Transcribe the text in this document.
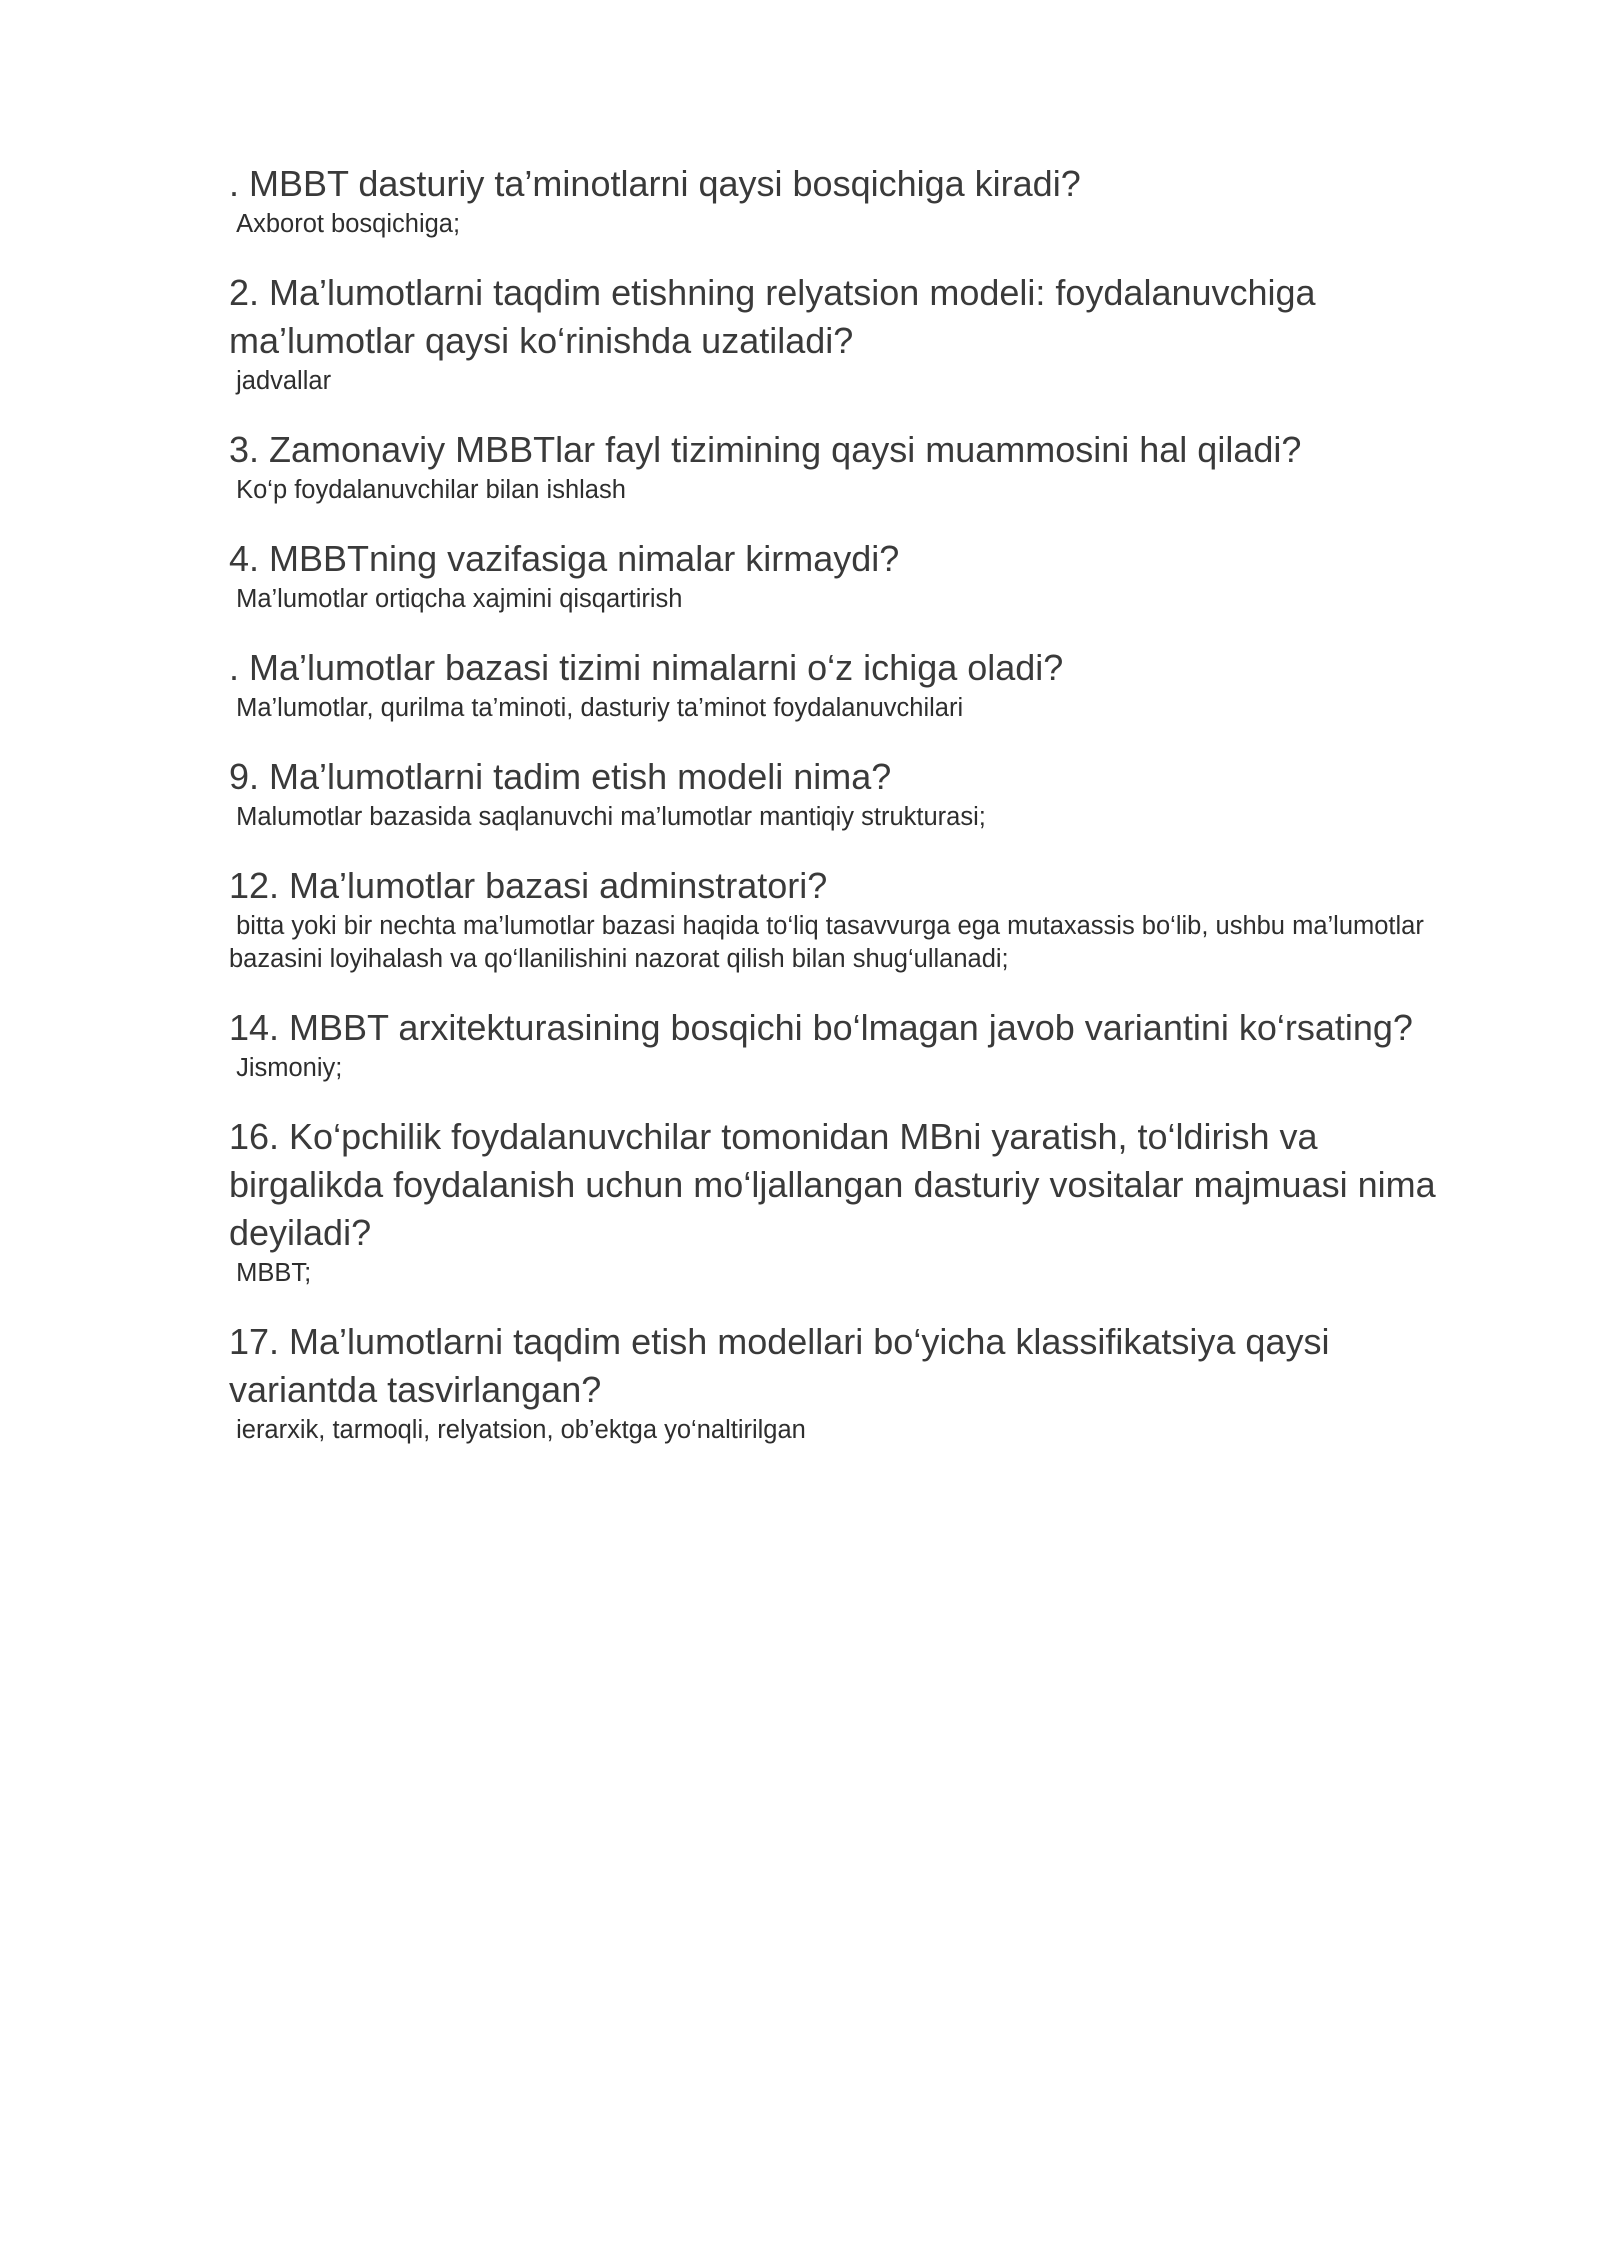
. MBBT dasturiy ta’minotlarni qaysi bosqichiga kiradi?

Axborot bosqichiga;

2. Ma’lumotlarni taqdim etishning relyatsion modeli: foydalanuvchiga ma’lumotlar qaysi ko‘rinishda uzatiladi?

jadvallar

3. Zamonaviy MBBTlar fayl tizimining qaysi muammosini hal qiladi?

Ko‘p foydalanuvchilar bilan ishlash

4. MBBTning vazifasiga nimalar kirmaydi?

Ma’lumotlar ortiqcha xajmini qisqartirish

. Ma’lumotlar bazasi tizimi nimalarni o‘z ichiga oladi?

Ma’lumotlar, qurilma ta’minoti, dasturiy ta’minot foydalanuvchilari

9. Ma’lumotlarni tadim etish modeli nima?

Malumotlar bazasida saqlanuvchi ma’lumotlar mantiqiy strukturasi;

12. Ma’lumotlar bazasi adminstratori?

bitta yoki bir nechta ma’lumotlar bazasi haqida to‘liq tasavvurga ega mutaxassis bo‘lib, ushbu ma’lumotlar bazasini loyihalash va qo‘llanilishini nazorat qilish bilan shug‘ullanadi;

14. MBBT arxitekturasining bosqichi bo‘lmagan javob variantini ko‘rsating?

Jismoniy;

16. Ko‘pchilik foydalanuvchilar tomonidan MBni yaratish, to‘ldirish va birgalikda foydalanish uchun mo‘ljallangan dasturiy vositalar majmuasi nima deyiladi?

MBBT;

17. Ma’lumotlarni taqdim etish modellari bo‘yicha klassifikatsiya qaysi variantda tasvirlangan?

ierarxik, tarmoqli, relyatsion, ob’ektga yo‘naltirilgan
